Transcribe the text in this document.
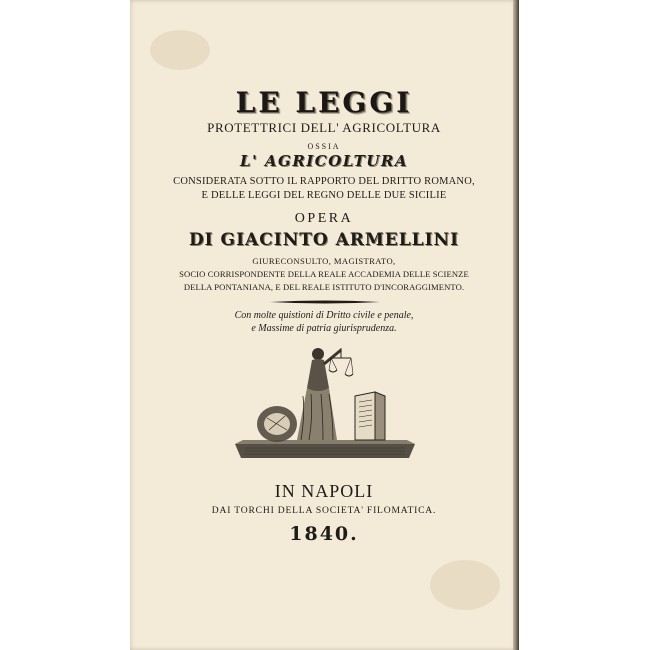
LE LEGGI
PROTETTRICI DELL' AGRICOLTURA
OSSIA
L' AGRICOLTURA
CONSIDERATA SOTTO IL RAPPORTO DEL DRITTO ROMANO,
E DELLE LEGGI DEL REGNO DELLE DUE SICILIE
OPERA
DI GIACINTO ARMELLINI
GIURECONSULTO, MAGISTRATO,
SOCIO CORRISPONDENTE DELLA REALE ACCADEMIA DELLE SCIENZE
DELLA PONTANIANA, E DEL REALE ISTITUTO D'INCORAGGIMENTO.
Con molte quistioni di Dritto civile e penale,
e Massime di patria giurisprudenza.
IN NAPOLI
DAI TORCHI DELLA SOCIETA' FILOMATICA.
1840.
